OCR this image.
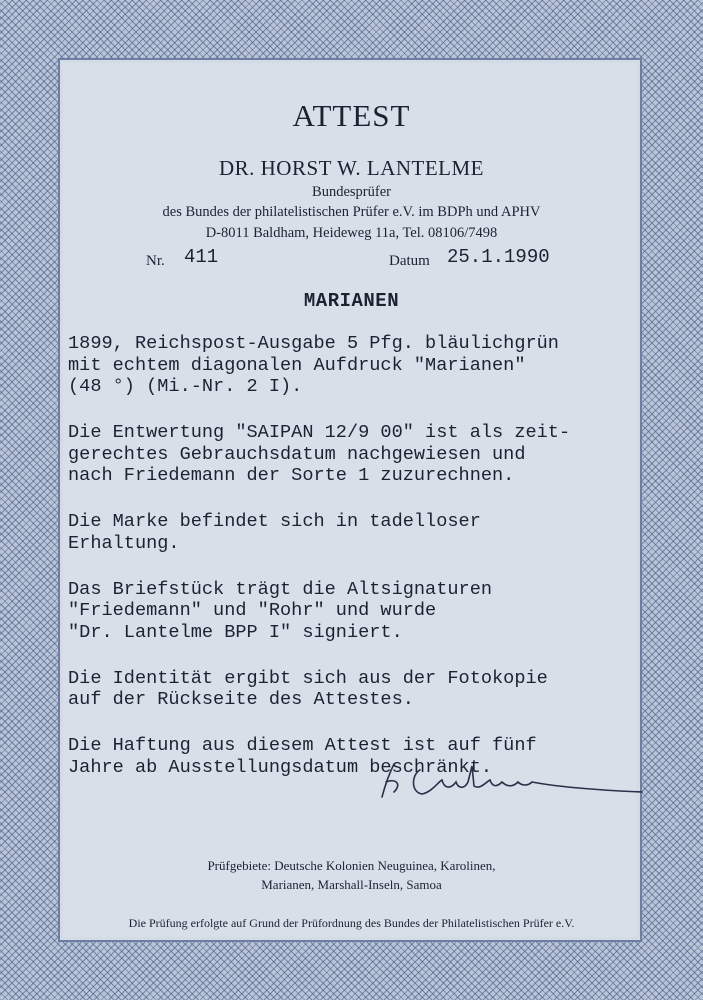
ATTEST
DR. HORST W. LANTELME
Bundesprüfer
des Bundes der philatelistischen Prüfer e.V. im BDPh und APHV
D-8011 Baldham, Heideweg 11a, Tel. 08106/7498
Nr. 411	Datum 25.1.1990
MARIANEN

1899, Reichspost-Ausgabe 5 Pfg. bläulichgrün
mit echtem diagonalen Aufdruck "Marianen"
(48 °) (Mi.-Nr. 2 I).

Die Entwertung "SAIPAN 12/9 00" ist als zeit-
gerechtes Gebrauchsdatum nachgewiesen und
nach Friedemann der Sorte 1 zuzurechnen.

Die Marke befindet sich in tadelloser
Erhaltung.

Das Briefstück trägt die Altsignaturen
"Friedemann" und "Rohr" und wurde
"Dr. Lantelme BPP I" signiert.

Die Identität ergibt sich aus der Fotokopie
auf der Rückseite des Attestes.

Die Haftung aus diesem Attest ist auf fünf
Jahre ab Ausstellungsdatum beschränkt.

Prüfgebiete: Deutsche Kolonien Neuguinea, Karolinen,
Marianen, Marshall-Inseln, Samoa
Die Prüfung erfolgte auf Grund der Prüfordnung des Bundes der Philatelistischen Prüfer e.V.
